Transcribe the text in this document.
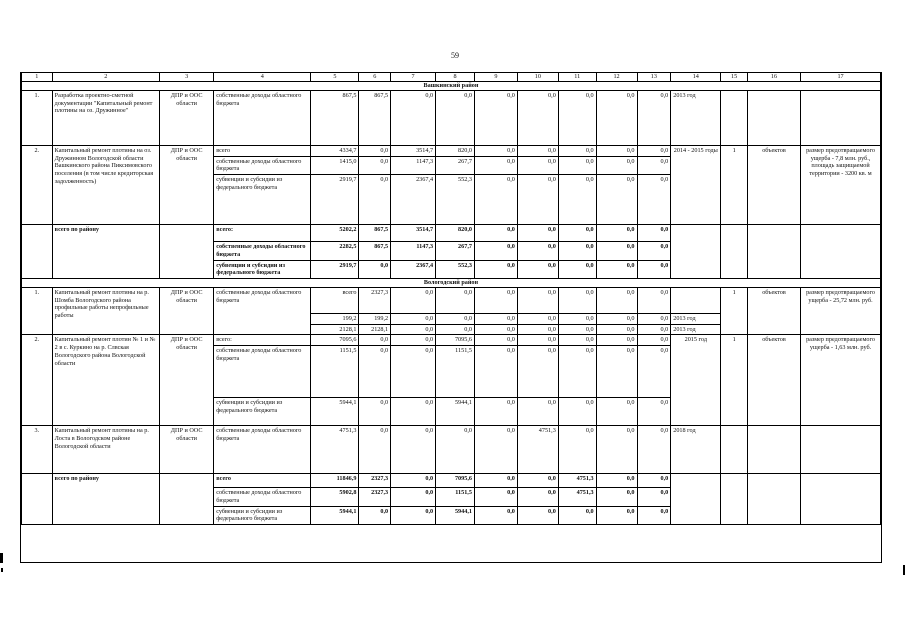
59
1	2	3	4	5	6	7	8	9	10	11	12	13	14	15	16	17
Вашкинский район																
1.	Разработка проектно-сметной документации "Капитальный ремонт плотины на оз. Дружинное"	ДПР и ООС области	собственные доходы областного бюджета	867,5	867,5	0,0	0,0	0,0	0,0	0,0	0,0	0,0	2013 год			
2.	Капитальный ремонт плотины на оз. Дружинном Вологодской области Вашкинского района Пиксимовского поселения (в том числе кредиторская задолженность)	ДПР и ООС области	всего	4334,7	0,0	3514,7	820,0	0,0	0,0	0,0	0,0	0,0	2014 - 2015 годы	1	объектов	размер предотвращаемого ущерба - 7,8 млн. руб., площадь защищаемой территории - 3200 кв. м
			собственные доходы областного бюджета	1415,0	0,0	1147,3	267,7	0,0	0,0	0,0	0,0	0,0				
			субвенции и субсидии из федерального бюджета	2919,7	0,0	2367,4	552,3	0,0	0,0	0,0	0,0	0,0				
	всего по району		всего:	5202,2	867,5	3514,7	820,0	0,0	0,0	0,0	0,0	0,0				
			собственные доходы областного бюджета	2282,5	867,5	1147,3	267,7	0,0	0,0	0,0	0,0	0,0				
			субвенции и субсидии из федерального бюджета	2919,7	0,0	2367,4	552,3	0,0	0,0	0,0	0,0	0,0				
Вологодский район																
1.	Капитальный ремонт плотины на р. Шомба Вологодского района профильные работы непрофильные работы	ДПР и ООС области	собственные доходы областного бюджета	всего	2327,3	0,0	0,0	0,0	0,0	0,0	0,0	0,0		1	объектов	размер предотвращаемого ущерба - 25,72 млн. руб.
				199,2	199,2	0,0	0,0	0,0	0,0	0,0	0,0	0,0	2013 год			
				2128,1	2128,1	0,0	0,0	0,0	0,0	0,0	0,0	0,0	2013 год			
2.	Капитальный ремонт плотин № 1 и № 2 в с. Куркино на р. Слвская Вологодского района Вологодской области	ДПР и ООС области	всего:	7095,6	0,0	0,0	7095,6	0,0	0,0	0,0	0,0	0,0	2015 год	1	объектов	размер предотвращаемого ущерба - 1,63 млн. руб.
			собственные доходы областного бюджета	1151,5	0,0	0,0	1151,5	0,0	0,0	0,0	0,0	0,0				
			субвенции и субсидии из федерального бюджета	5944,1	0,0	0,0	5944,1	0,0	0,0	0,0	0,0	0,0				
3.	Капитальный ремонт плотины на р. Лоста в Вологодском районе Вологодской области	ДПР и ООС области	собственные доходы областного бюджета	4751,3	0,0	0,0	0,0	0,0	4751,3	0,0	0,0	0,0	2018 год			
	всего по району		всего	11846,9	2327,3	0,0	7095,6	0,0	0,0	4751,3	0,0	0,0				
			собственные доходы областного бюджета	5902,8	2327,3	0,0	1151,5	0,0	0,0	4751,3	0,0	0,0				
			субвенции и субсидии из федерального бюджета	5944,1	0,0	0,0	5944,1	0,0	0,0	0,0	0,0	0,0				
